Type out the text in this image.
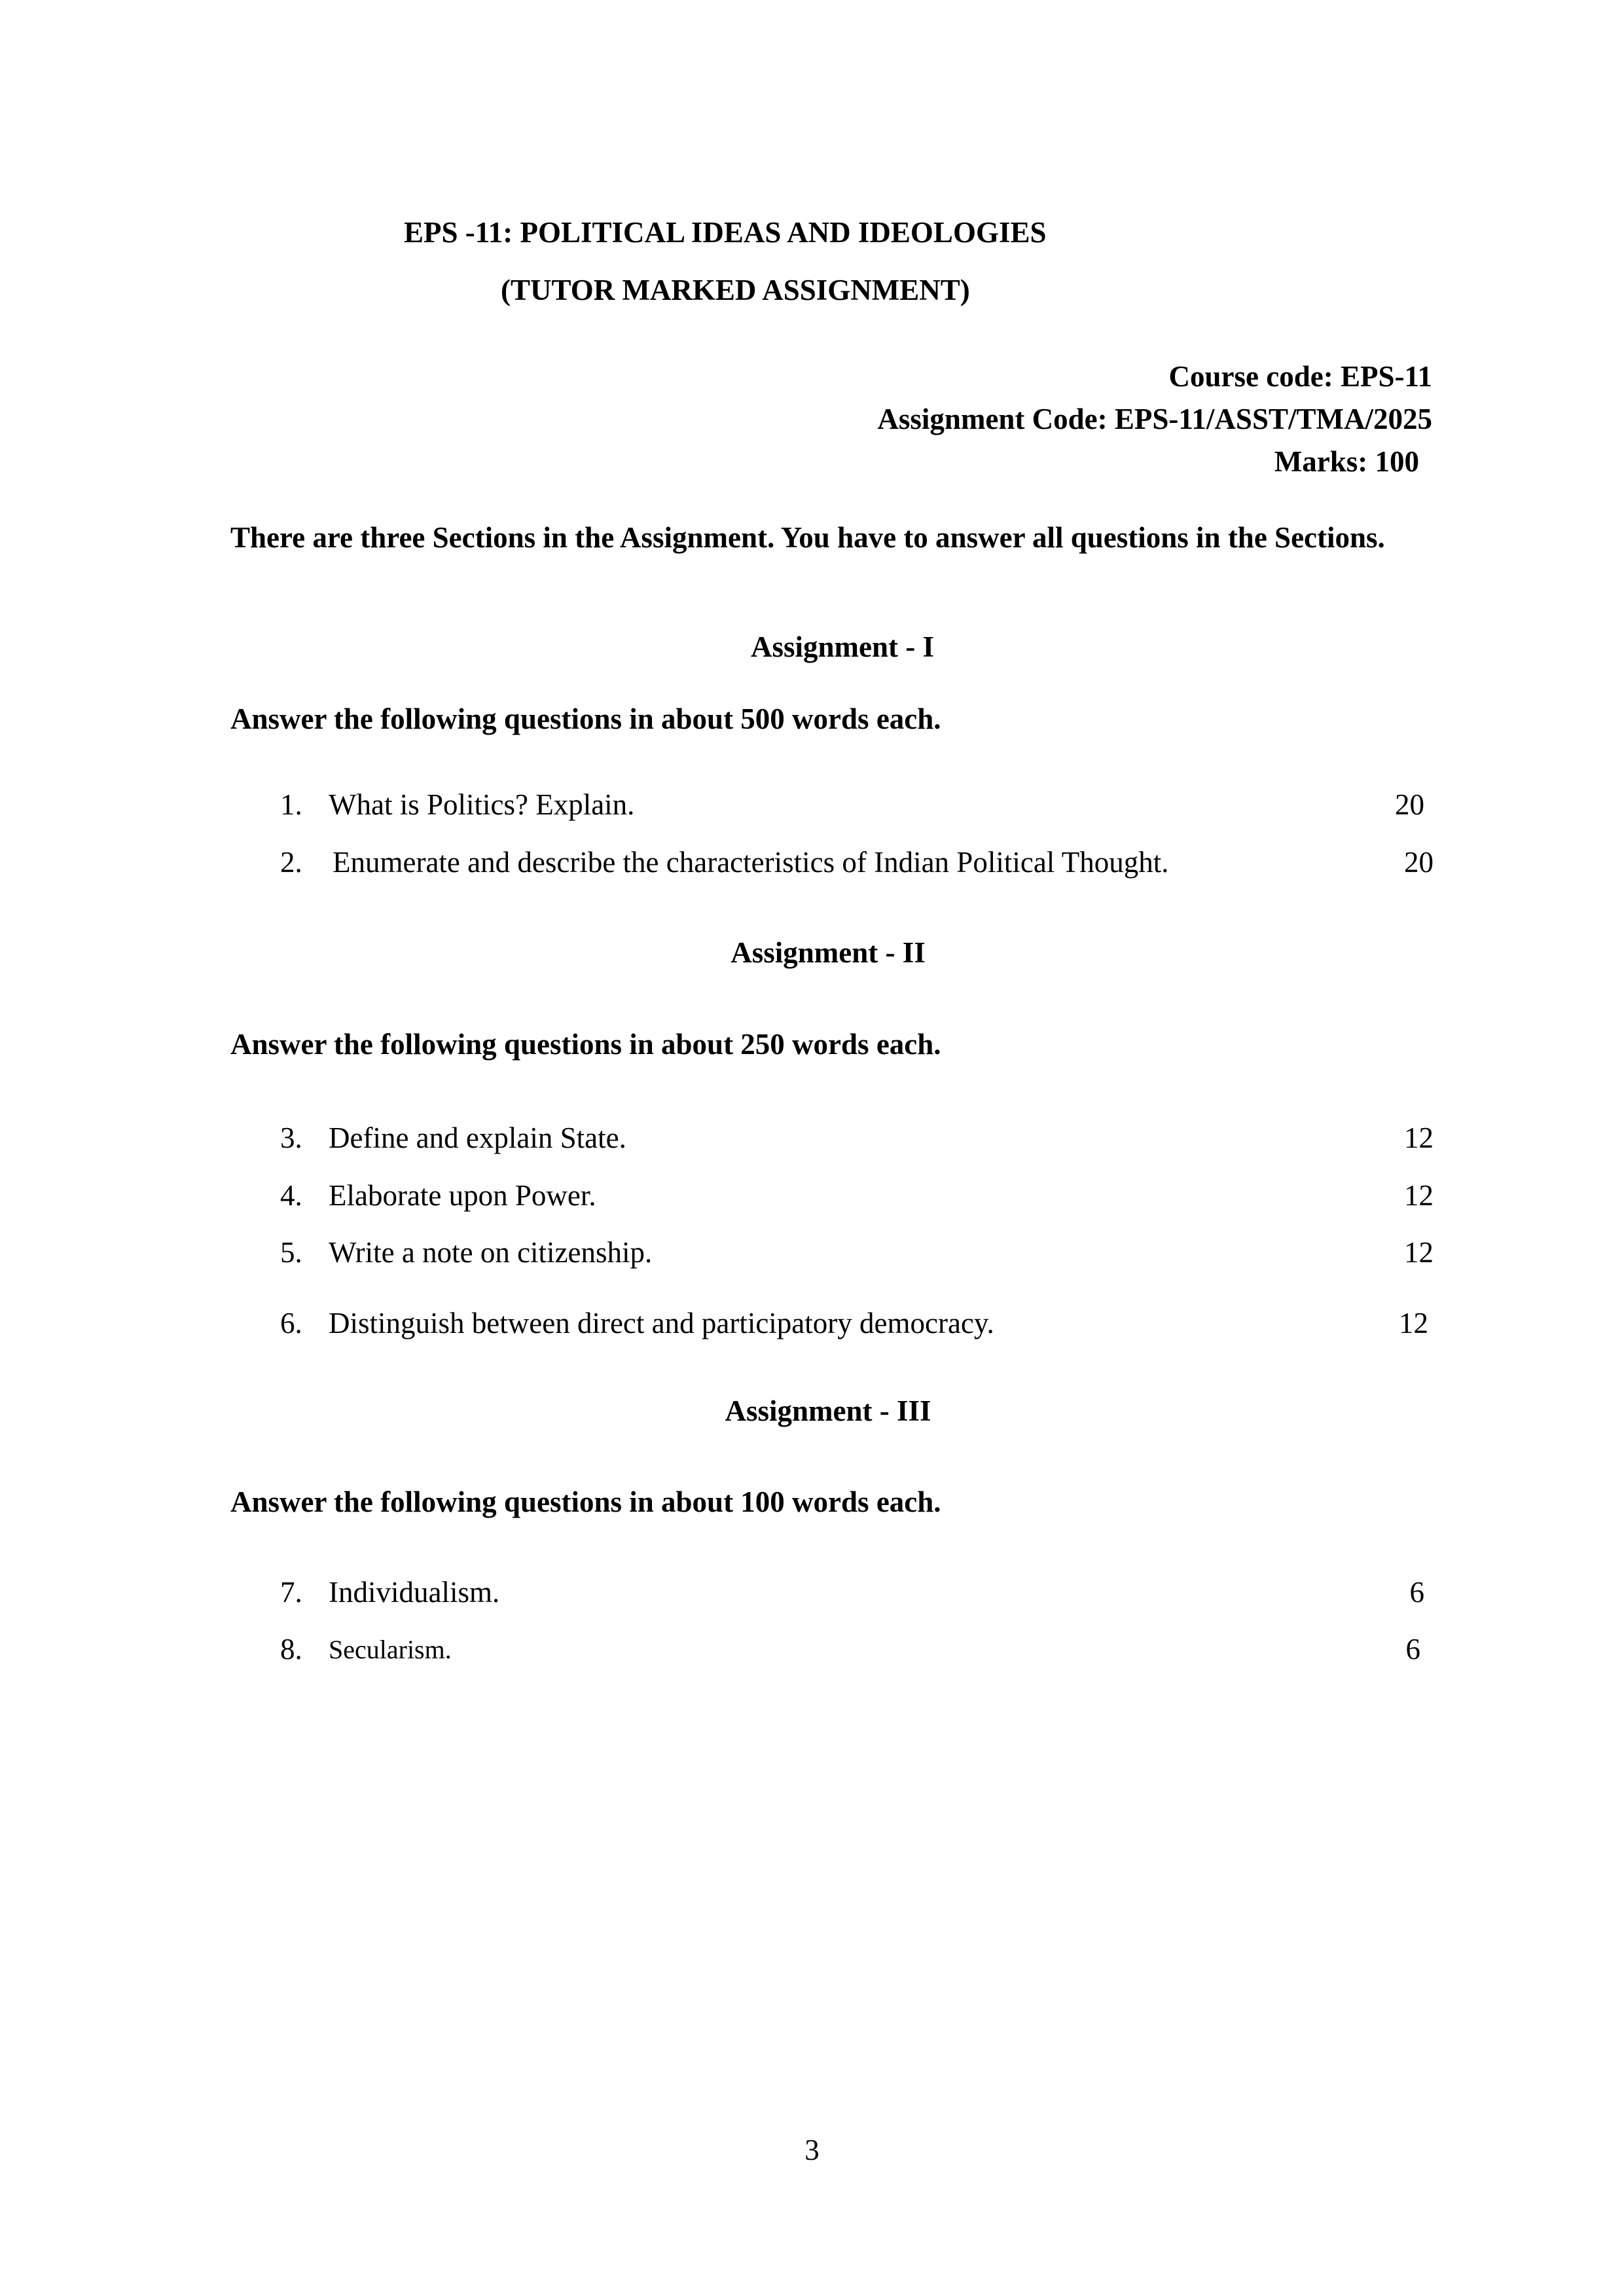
EPS -11: POLITICAL IDEAS AND IDEOLOGIES
(TUTOR MARKED ASSIGNMENT)
Course code: EPS-11
Assignment Code: EPS-11/ASST/TMA/2025
Marks: 100
There are three Sections in the Assignment. You have to answer all questions in the Sections.
Assignment - I
Answer the following questions in about 500 words each.
1. What is Politics? Explain.	20
2. Enumerate and describe the characteristics of Indian Political Thought.	20
Assignment - II
Answer the following questions in about 250 words each.
3. Define and explain State.	12
4. Elaborate upon Power.	12
5. Write a note on citizenship.	12
6. Distinguish between direct and participatory democracy.	12
Assignment - III
Answer the following questions in about 100 words each.
7. Individualism.	6
8. Secularism.	6
3
